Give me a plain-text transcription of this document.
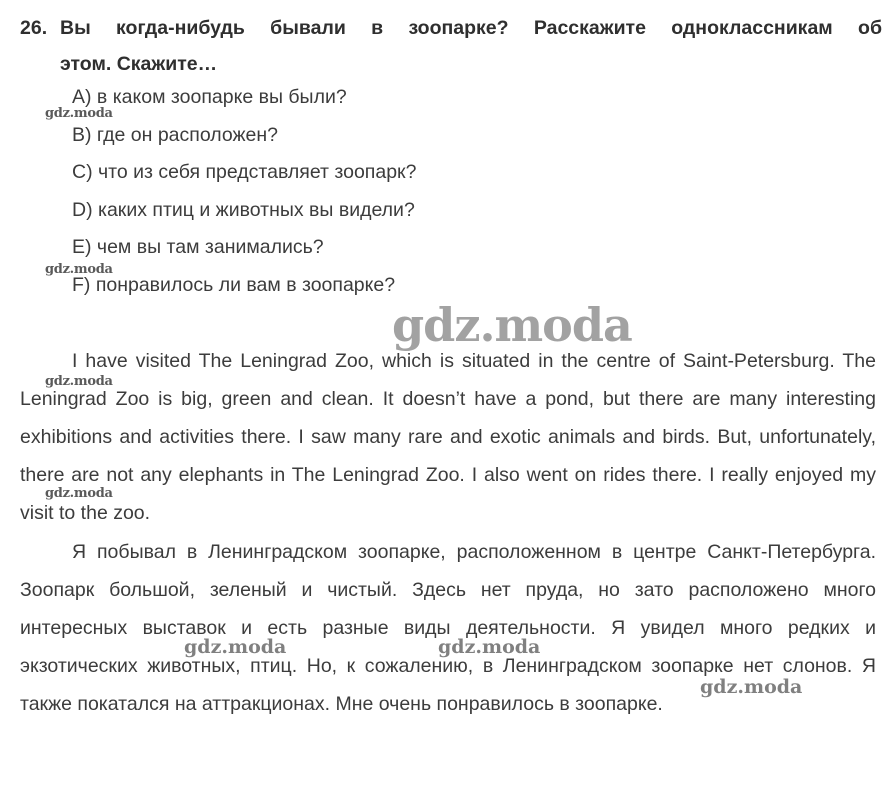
26. Вы когда-нибудь бывали в зоопарке? Расскажите одноклассникам об
этом. Скажите…
A) в каком зоопарке вы были?
B) где он расположен?
C) что из себя представляет зоопарк?
D) каких птиц и животных вы видели?
E) чем вы там занимались?
F) понравилось ли вам в зоопарке?
gdz.moda
I have visited The Leningrad Zoo, which is situated in the centre of Saint-Petersburg. The Leningrad Zoo is big, green and clean. It doesn’t have a pond, but there are many interesting exhibitions and activities there. I saw many rare and exotic animals and birds. But, unfortunately, there are not any elephants in The Leningrad Zoo. I also went on rides there. I really enjoyed my visit to the zoo.
Я побывал в Ленинградском зоопарке, расположенном в центре Санкт-Петербурга. Зоопарк большой, зеленый и чистый. Здесь нет пруда, но зато расположено много интересных выставок и есть разные виды деятельности. Я увидел много редких и экзотических животных, птиц. Но, к сожалению, в Ленинградском зоопарке нет слонов. Я также покатался на аттракционах. Мне очень понравилось в зоопарке.
gdz.moda
gdz.moda
gdz.moda
gdz.moda
gdz.moda	gdz.moda
gdz.moda
